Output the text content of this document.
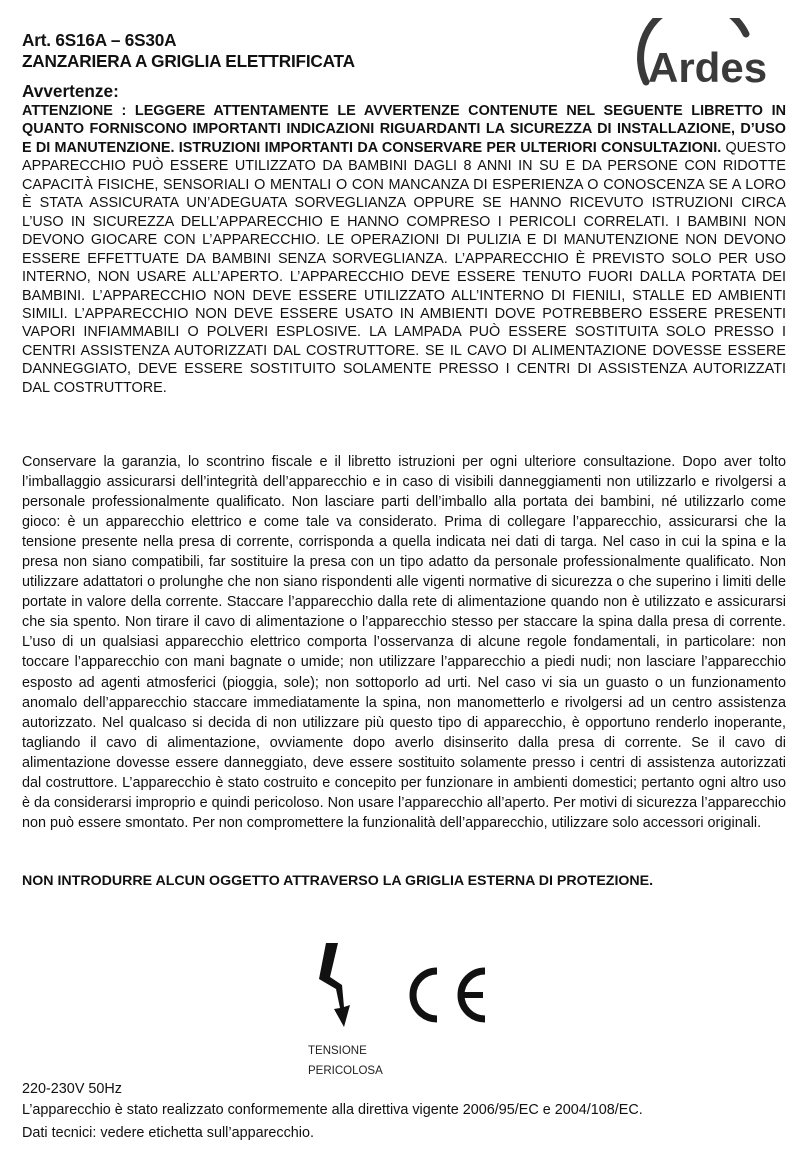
Art. 6S16A – 6S30A
ZANZARIERA A GRIGLIA ELETTRIFICATA	Ardes
Avvertenze:
ATTENZIONE : LEGGERE ATTENTAMENTE LE AVVERTENZE CONTENUTE NEL SEGUENTE LIBRETTO IN QUANTO FORNISCONO IMPORTANTI INDICAZIONI RIGUARDANTI LA SICUREZZA DI INSTALLAZIONE, D’USO E DI MANUTENZIONE. ISTRUZIONI IMPORTANTI DA CONSERVARE PER ULTERIORI CONSULTAZIONI. QUESTO APPARECCHIO PUÒ ESSERE UTILIZZATO DA BAMBINI DAGLI 8 ANNI IN SU E DA PERSONE CON RIDOTTE CAPACITÀ FISICHE, SENSORIALI O MENTALI O CON MANCANZA DI ESPERIENZA O CONOSCENZA SE A LORO È STATA ASSICURATA UN’ADEGUATA SORVEGLIANZA OPPURE SE HANNO RICEVUTO ISTRUZIONI CIRCA L’USO IN SICUREZZA DELL’APPARECCHIO E HANNO COMPRESO I PERICOLI CORRELATI. I BAMBINI NON DEVONO GIOCARE CON L’APPARECCHIO. LE OPERAZIONI DI PULIZIA E DI MANUTENZIONE NON DEVONO ESSERE EFFETTUATE DA BAMBINI SENZA SORVEGLIANZA. L’APPARECCHIO È PREVISTO SOLO PER USO INTERNO, NON USARE ALL’APERTO. L’APPARECCHIO DEVE ESSERE TENUTO FUORI DALLA PORTATA DEI BAMBINI. L’APPARECCHIO NON DEVE ESSERE UTILIZZATO ALL’INTERNO DI FIENILI, STALLE ED AMBIENTI SIMILI. L’APPARECCHIO NON DEVE ESSERE USATO IN AMBIENTI DOVE POTREBBERO ESSERE PRESENTI VAPORI INFIAMMABILI O POLVERI ESPLOSIVE. LA LAMPADA PUÒ ESSERE SOSTITUITA SOLO PRESSO I CENTRI ASSISTENZA AUTORIZZATI DAL COSTRUTTORE. SE IL CAVO DI ALIMENTAZIONE DOVESSE ESSERE DANNEGGIATO, DEVE ESSERE SOSTITUITO SOLAMENTE PRESSO I CENTRI DI ASSISTENZA AUTORIZZATI DAL COSTRUTTORE.
Conservare la garanzia, lo scontrino fiscale e il libretto istruzioni per ogni ulteriore consultazione. Dopo aver tolto l’imballaggio assicurarsi dell’integrità dell’apparecchio e in caso di visibili danneggiamenti non utilizzarlo e rivolgersi a personale professionalmente qualificato. Non lasciare parti dell’imballo alla portata dei bambini, né utilizzarlo come gioco: è un apparecchio elettrico e come tale va considerato. Prima di collegare l’apparecchio, assicurarsi che la tensione presente nella presa di corrente, corrisponda a quella indicata nei dati di targa. Nel caso in cui la spina e la presa non siano compatibili, far sostituire la presa con un tipo adatto da personale professionalmente qualificato. Non utilizzare adattatori o prolunghe che non siano rispondenti alle vigenti normative di sicurezza o che superino i limiti delle portate in valore della corrente. Staccare l’apparecchio dalla rete di alimentazione quando non è utilizzato e assicurarsi che sia spento. Non tirare il cavo di alimentazione o l’apparecchio stesso per staccare la spina dalla presa di corrente. L’uso di un qualsiasi apparecchio elettrico comporta l’osservanza di alcune regole fondamentali, in particolare: non toccare l’apparecchio con mani bagnate o umide; non utilizzare l’apparecchio a piedi nudi; non lasciare l’apparecchio esposto ad agenti atmosferici (pioggia, sole); non sottoporlo ad urti. Nel caso vi sia un guasto o un funzionamento anomalo dell’apparecchio staccare immediatamente la spina, non manometterlo e rivolgersi ad un centro assistenza autorizzato. Nel qualcaso si decida di non utilizzare più questo tipo di apparecchio, è opportuno renderlo inoperante, tagliando il cavo di alimentazione, ovviamente dopo averlo disinserito dalla presa di corrente. Se il cavo di alimentazione dovesse essere danneggiato, deve essere sostituito solamente presso i centri di assistenza autorizzati dal costruttore. L’apparecchio è stato costruito e concepito per funzionare in ambienti domestici; pertanto ogni altro uso è da considerarsi improprio e quindi pericoloso. Non usare l’apparecchio all’aperto. Per motivi di sicurezza l’apparecchio non può essere smontato. Per non compromettere la funzionalità dell’apparecchio, utilizzare solo accessori originali.
NON INTRODURRE ALCUN OGGETTO ATTRAVERSO LA GRIGLIA ESTERNA DI PROTEZIONE.
TENSIONE
PERICOLOSA
220-230V 50Hz
L’apparecchio è stato realizzato conformemente alla direttiva vigente 2006/95/EC e 2004/108/EC.
Dati tecnici: vedere etichetta sull’apparecchio.
